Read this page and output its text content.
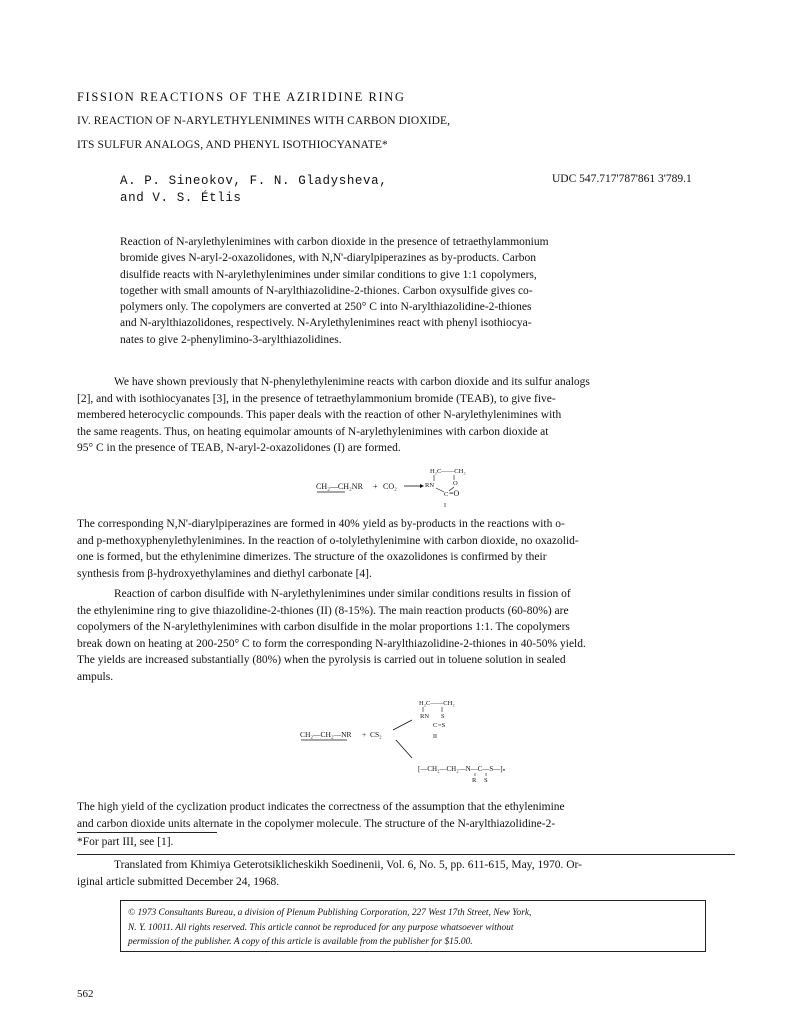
FISSION REACTIONS OF THE AZIRIDINE RING
IV. REACTION OF N-ARYLETHYLENIMINES WITH CARBON DIOXIDE,
ITS SULFUR ANALOGS, AND PHENYL ISOTHIOCYANATE*
A. P. Sineokov, F. N. Gladysheva,
and V. S. Étlis
UDC 547.717'787'861 3'789.1
Reaction of N-arylethylenimines with carbon dioxide in the presence of tetraethylammonium
bromide gives N-aryl-2-oxazolidones, with N,N'-diarylpiperazines as by-products. Carbon
disulfide reacts with N-arylethylenimines under similar conditions to give 1:1 copolymers,
together with small amounts of N-arylthiazolidine-2-thiones. Carbon oxysulfide gives co-
polymers only. The copolymers are converted at 250° C into N-arylthiazolidine-2-thiones
and N-arylthiazolidones, respectively. N-Arylethylenimines react with phenyl isothiocya-
nates to give 2-phenylimino-3-arylthiazolidines.
We have shown previously that N-phenylethylenimine reacts with carbon dioxide and its sulfur analogs
[2], and with isothiocyanates [3], in the presence of tetraethylammonium bromide (TEAB), to give five-
membered heterocyclic compounds. This paper deals with the reaction of other N-arylethylenimines with
the same reagents. Thus, on heating equimolar amounts of N-arylethylenimines with carbon dioxide at
95° C in the presence of TEAB, N-aryl-2-oxazolidones (I) are formed.
CH₂—CH₂NR + CO₂
H₂C——CH₂
RN	O
C =O
I
The corresponding N,N'-diarylpiperazines are formed in 40% yield as by-products in the reactions with o-
and p-methoxyphenylethylenimines. In the reaction of o-tolylethylenimine with carbon dioxide, no oxazolid-
one is formed, but the ethylenimine dimerizes. The structure of the oxazolidones is confirmed by their
synthesis from β-hydroxyethylamines and diethyl carbonate [4].
Reaction of carbon disulfide with N-arylethylenimines under similar conditions results in fission of
the ethylenimine ring to give thiazolidine-2-thiones (II) (8-15%). The main reaction products (60-80%) are
copolymers of the N-arylethylenimines with carbon disulfide in the molar proportions 1:1. The copolymers
break down on heating at 200-250° C to form the corresponding N-arylthiazolidine-2-thiones in 40-50% yield.
The yields are increased substantially (80%) when the pyrolysis is carried out in toluene solution in sealed
ampuls.
CH₂—CH₂—NR + CS₂
H₂C——CH₂
RN S
C =S
II
[—CH₂—CH₂—N—C—S—]ₙ
R S
The high yield of the cyclization product indicates the correctness of the assumption that the ethylenimine
and carbon dioxide units alternate in the copolymer molecule. The structure of the N-arylthiazolidine-2-
*For part III, see [1].
Translated from Khimiya Geterotsiklicheskikh Soedinenii, Vol. 6, No. 5, pp. 611-615, May, 1970. Or-
iginal article submitted December 24, 1968.
© 1973 Consultants Bureau, a division of Plenum Publishing Corporation, 227 West 17th Street, New York,
N. Y. 10011. All rights reserved. This article cannot be reproduced for any purpose whatsoever without
permission of the publisher. A copy of this article is available from the publisher for $15.00.
562
